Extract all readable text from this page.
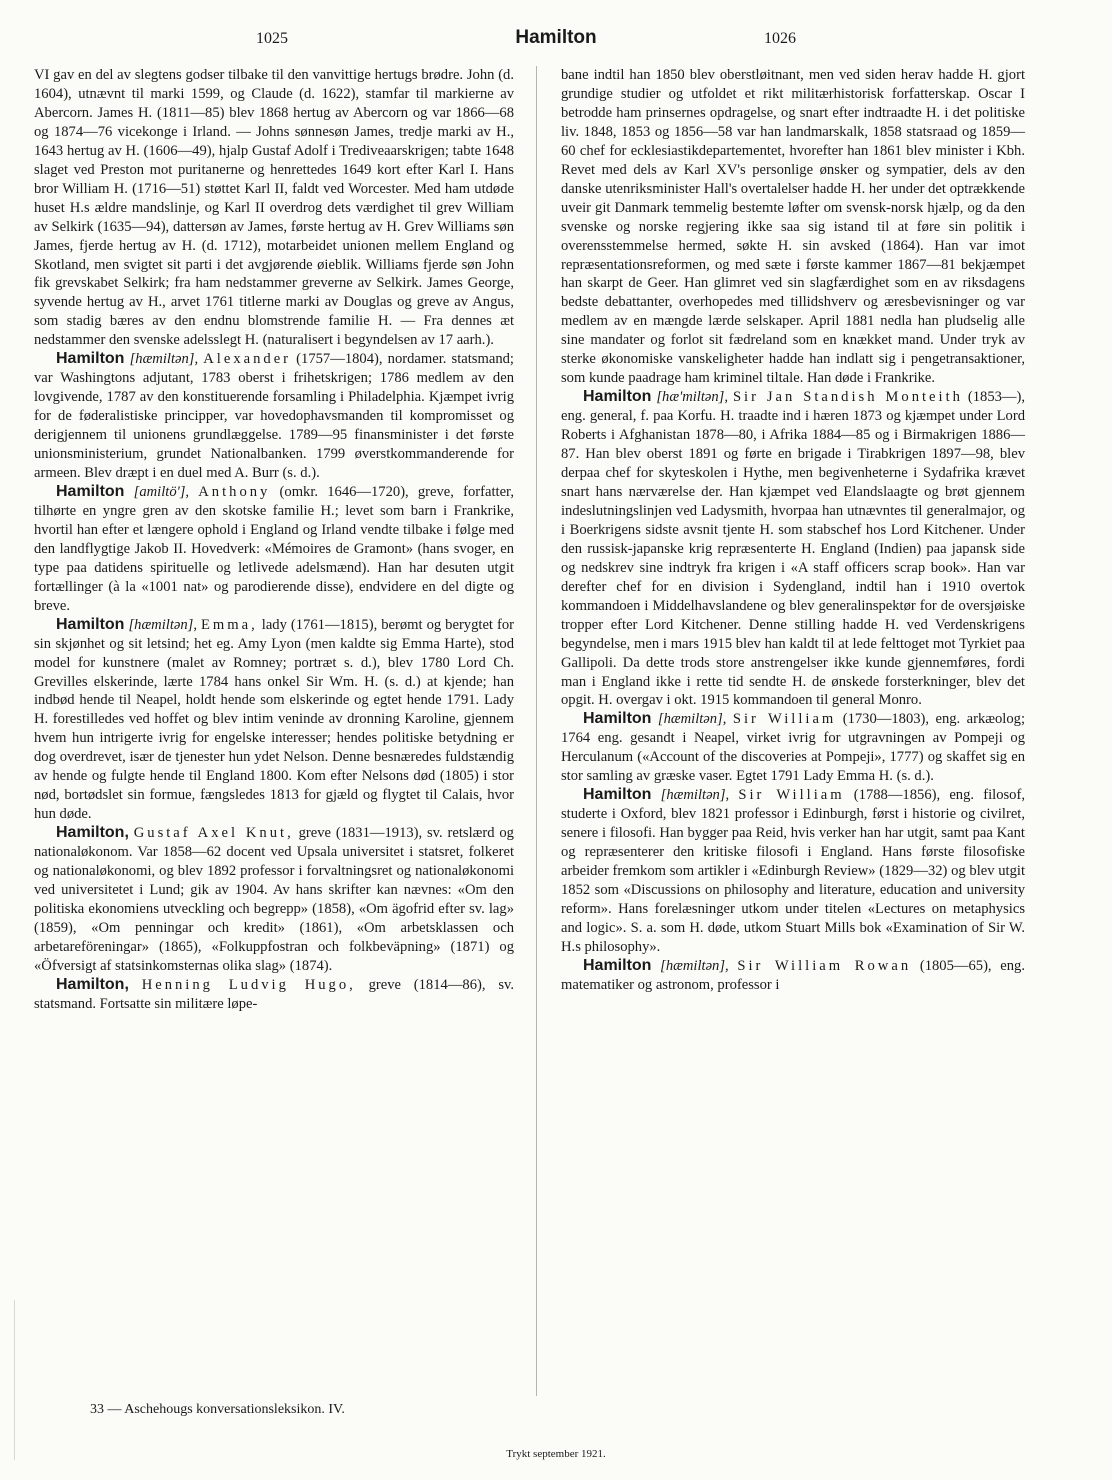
1025	Hamilton	1026

VI gav en del av slegtens godser tilbake til den vanvittige hertugs brødre. John (d. 1604), utnævnt til marki 1599, og Claude (d. 1622), stamfar til markierne av Abercorn. James H. (1811—85) blev 1868 hertug av Abercorn og var 1866—68 og 1874—76 vicekonge i Irland. — Johns sønnesøn James, tredje marki av H., 1643 hertug av H. (1606—49), hjalp Gustaf Adolf i Trediveaarskrigen; tabte 1648 slaget ved Preston mot puritanerne og henrettedes 1649 kort efter Karl I. Hans bror William H. (1716—51) støttet Karl II, faldt ved Worcester. Med ham utdøde huset H.s ældre mandslinje, og Karl II overdrog dets værdighet til grev William av Selkirk (1635—94), dattersøn av James, første hertug av H. Grev Williams søn James, fjerde hertug av H. (d. 1712), motarbeidet unionen mellem England og Skotland, men svigtet sit parti i det avgjørende øieblik. Williams fjerde søn John fik grevskabet Selkirk; fra ham nedstammer greverne av Selkirk. James George, syvende hertug av H., arvet 1761 titlerne marki av Douglas og greve av Angus, som stadig bæres av den endnu blomstrende familie H. — Fra dennes æt nedstammer den svenske adelsslegt H. (naturalisert i begyndelsen av 17 aarh.).

Hamilton [hæmiltən], Alexander (1757—1804), nordamer. statsmand; var Washingtons adjutant, 1783 oberst i frihetskrigen; 1786 medlem av den lovgivende, 1787 av den konstituerende forsamling i Philadelphia. Kjæmpet ivrig for de føderalistiske principper, var hovedophavsmanden til kompromisset og derigjennem til unionens grundlæggelse. 1789—95 finansminister i det første unionsministerium, grundet Nationalbanken. 1799 øverstkommanderende for armeen. Blev dræpt i en duel med A. Burr (s. d.).

Hamilton [amiltö'], Anthony (omkr. 1646—1720), greve, forfatter, tilhørte en yngre gren av den skotske familie H.; levet som barn i Frankrike, hvortil han efter et længere ophold i England og Irland vendte tilbake i følge med den landflygtige Jakob II. Hovedverk: «Mémoires de Gramont» (hans svoger, en type paa datidens spirituelle og letlivede adelsmænd). Han har desuten utgit fortællinger (à la «1001 nat» og parodierende disse), endvidere en del digte og breve.

Hamilton [hæmiltən], Emma, lady (1761—1815), berømt og berygtet for sin skjønhet og sit letsind; het eg. Amy Lyon (men kaldte sig Emma Harte), stod model for kunstnere (malet av Romney; portræt s. d.), blev 1780 Lord Ch. Grevilles elskerinde, lærte 1784 hans onkel Sir Wm. H. (s. d.) at kjende; han indbød hende til Neapel, holdt hende som elskerinde og egtet hende 1791. Lady H. forestilledes ved hoffet og blev intim veninde av dronning Karoline, gjennem hvem hun intrigerte ivrig for engelske interesser; hendes politiske betydning er dog overdrevet, især de tjenester hun ydet Nelson. Denne besnæredes fuldstændig av hende og fulgte hende til England 1800. Kom efter Nelsons død (1805) i stor nød, bortødslet sin formue, fængsledes 1813 for gjæld og flygtet til Calais, hvor hun døde.

Hamilton, Gustaf Axel Knut, greve (1831—1913), sv. retslærd og nationaløkonom. Var 1858—62 docent ved Upsala universitet i statsret, folkeret og nationaløkonomi, og blev 1892 professor i forvaltningsret og nationaløkonomi ved universitetet i Lund; gik av 1904. Av hans skrifter kan nævnes: «Om den politiska ekonomiens utveckling och begrepp» (1858), «Om ägofrid efter sv. lag» (1859), «Om penningar och kredit» (1861), «Om arbetsklassen och arbetareföreningar» (1865), «Folkuppfostran och folkbeväpning» (1871) og «Öfversigt af statsinkomsternas olika slag» (1874).

Hamilton, Henning Ludvig Hugo, greve (1814—86), sv. statsmand. Fortsatte sin militære løpe-

bane indtil han 1850 blev oberstløitnant, men ved siden herav hadde H. gjort grundige studier og utfoldet et rikt militærhistorisk forfatterskap. Oscar I betrodde ham prinsernes opdragelse, og snart efter indtraadte H. i det politiske liv. 1848, 1853 og 1856—58 var han landmarskalk, 1858 statsraad og 1859—60 chef for ecklesiastikdepartementet, hvorefter han 1861 blev minister i Kbh. Revet med dels av Karl XV's personlige ønsker og sympatier, dels av den danske utenriksminister Hall's overtalelser hadde H. her under det optrækkende uveir git Danmark temmelig bestemte løfter om svensk-norsk hjælp, og da den svenske og norske regjering ikke saa sig istand til at føre sin politik i overensstemmelse hermed, søkte H. sin avsked (1864). Han var imot repræsentationsreformen, og med sæte i første kammer 1867—81 bekjæmpet han skarpt de Geer. Han glimret ved sin slagfærdighet som en av riksdagens bedste debattanter, overhopedes med tillidshverv og æresbevisninger og var medlem av en mængde lærde selskaper. April 1881 nedla han pludselig alle sine mandater og forlot sit fædreland som en knækket mand. Under tryk av sterke økonomiske vanskeligheter hadde han indlatt sig i pengetransaktioner, som kunde paadrage ham kriminel tiltale. Han døde i Frankrike.

Hamilton [hæ'miltən], Sir Jan Standish Monteith (1853—), eng. general, f. paa Korfu. H. traadte ind i hæren 1873 og kjæmpet under Lord Roberts i Afghanistan 1878—80, i Afrika 1884—85 og i Birmakrigen 1886—87. Han blev oberst 1891 og førte en brigade i Tirabkrigen 1897—98, blev derpaa chef for skyteskolen i Hythe, men begivenheterne i Sydafrika krævet snart hans nærværelse der. Han kjæmpet ved Elandslaagte og brøt gjennem indeslutningslinjen ved Ladysmith, hvorpaa han utnævntes til generalmajor, og i Boerkrigens sidste avsnit tjente H. som stabschef hos Lord Kitchener. Under den russisk-japanske krig repræsenterte H. England (Indien) paa japansk side og nedskrev sine indtryk fra krigen i «A staff officers scrap book». Han var derefter chef for en division i Sydengland, indtil han i 1910 overtok kommandoen i Middelhavslandene og blev generalinspektør for de oversjøiske tropper efter Lord Kitchener. Denne stilling hadde H. ved Verdenskrigens begyndelse, men i mars 1915 blev han kaldt til at lede felttoget mot Tyrkiet paa Gallipoli. Da dette trods store anstrengelser ikke kunde gjennemføres, fordi man i England ikke i rette tid sendte H. de ønskede forsterkninger, blev det opgit. H. overgav i okt. 1915 kommandoen til general Monro.

Hamilton [hæmiltən], Sir William (1730—1803), eng. arkæolog; 1764 eng. gesandt i Neapel, virket ivrig for utgravningen av Pompeji og Herculanum («Account of the discoveries at Pompeji», 1777) og skaffet sig en stor samling av græske vaser. Egtet 1791 Lady Emma H. (s. d.).

Hamilton [hæmiltən], Sir William (1788—1856), eng. filosof, studerte i Oxford, blev 1821 professor i Edinburgh, først i historie og civilret, senere i filosofi. Han bygger paa Reid, hvis verker han har utgit, samt paa Kant og repræsenterer den kritiske filosofi i England. Hans første filosofiske arbeider fremkom som artikler i «Edinburgh Review» (1829—32) og blev utgit 1852 som «Discussions on philosophy and literature, education and university reform». Hans forelæsninger utkom under titelen «Lectures on metaphysics and logic». S. a. som H. døde, utkom Stuart Mills bok «Examination of Sir W. H.s philosophy».

Hamilton [hæmiltən], Sir William Rowan (1805—65), eng. matematiker og astronom, professor i

33 — Aschehougs konversationsleksikon. IV.
Trykt september 1921.
